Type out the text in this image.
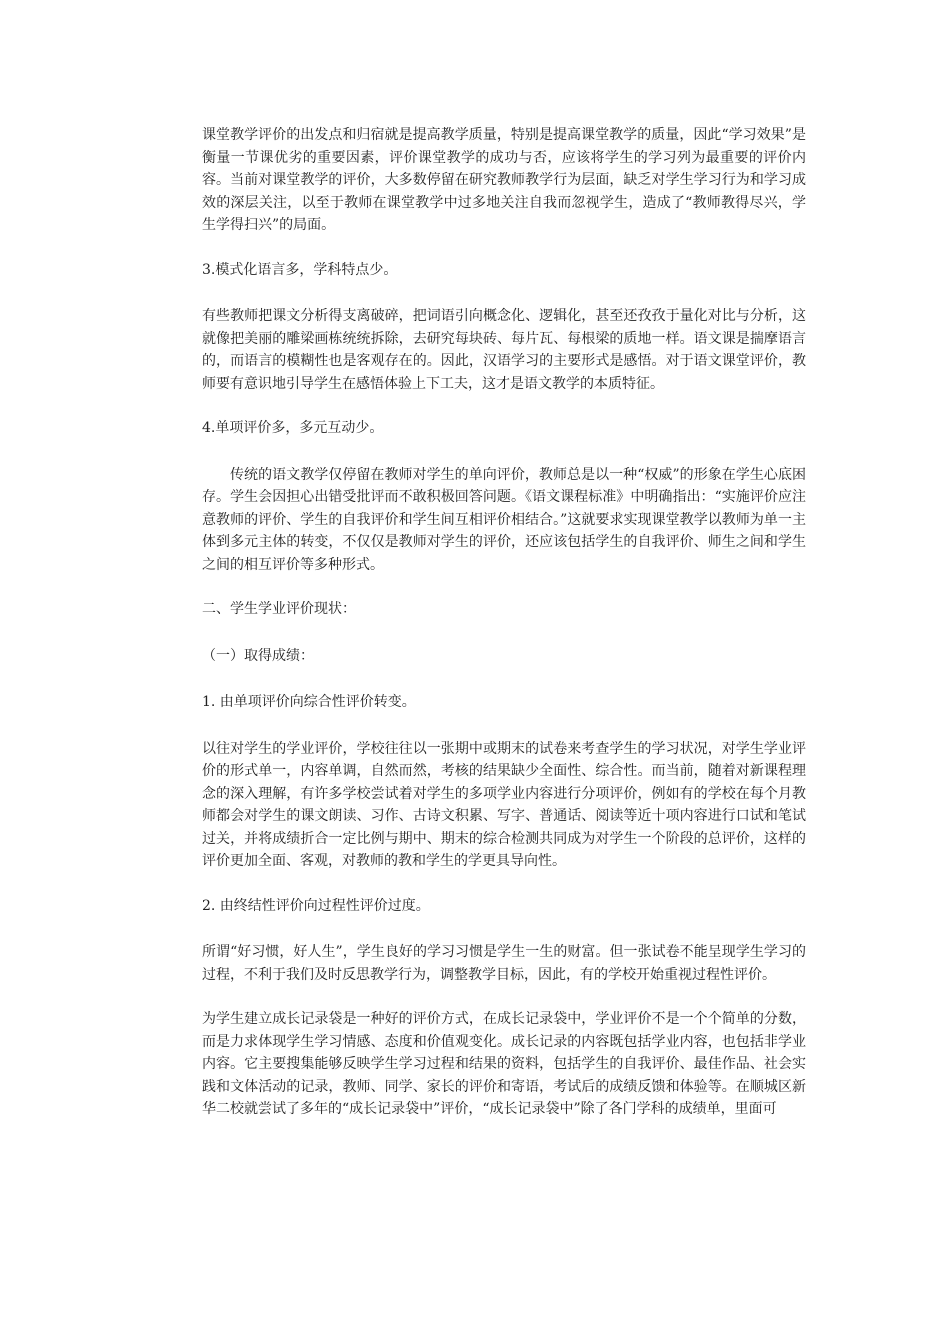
课堂教学评价的出发点和归宿就是提高教学质量，特别是提高课堂教学的质量，因此“学习效果”是衡量一节课优劣的重要因素，评价课堂教学的成功与否，应该将学生的学习列为最重要的评价内容。当前对课堂教学的评价，大多数停留在研究教师教学行为层面，缺乏对学生学习行为和学习成效的深层关注，以至于教师在课堂教学中过多地关注自我而忽视学生，造成了“教师教得尽兴，学生学得扫兴”的局面。

3.模式化语言多，学科特点少。

有些教师把课文分析得支离破碎，把词语引向概念化、逻辑化，甚至还孜孜于量化对比与分析，这就像把美丽的雕梁画栋统统拆除，去研究每块砖、每片瓦、每根梁的质地一样。语文课是揣摩语言的，而语言的模糊性也是客观存在的。因此，汉语学习的主要形式是感悟。对于语文课堂评价，教师要有意识地引导学生在感悟体验上下工夫，这才是语文教学的本质特征。

4.单项评价多，多元互动少。

传统的语文教学仅停留在教师对学生的单向评价，教师总是以一种“权威”的形象在学生心底困存。学生会因担心出错受批评而不敢积极回答问题。《语文课程标准》中明确指出：“实施评价应注意教师的评价、学生的自我评价和学生间互相评价相结合。”这就要求实现课堂教学以教师为单一主体到多元主体的转变，不仅仅是教师对学生的评价，还应该包括学生的自我评价、师生之间和学生之间的相互评价等多种形式。

二、学生学业评价现状：

（一）取得成绩：

1. 由单项评价向综合性评价转变。

以往对学生的学业评价，学校往往以一张期中或期末的试卷来考查学生的学习状况，对学生学业评价的形式单一，内容单调，自然而然，考核的结果缺少全面性、综合性。而当前，随着对新课程理念的深入理解，有许多学校尝试着对学生的多项学业内容进行分项评价，例如有的学校在每个月教师都会对学生的课文朗读、习作、古诗文积累、写字、普通话、阅读等近十项内容进行口试和笔试过关，并将成绩折合一定比例与期中、期末的综合检测共同成为对学生一个阶段的总评价，这样的评价更加全面、客观，对教师的教和学生的学更具导向性。

2. 由终结性评价向过程性评价过度。

所谓“好习惯，好人生”，学生良好的学习习惯是学生一生的财富。但一张试卷不能呈现学生学习的过程，不利于我们及时反思教学行为，调整教学目标，因此，有的学校开始重视过程性评价。

为学生建立成长记录袋是一种好的评价方式，在成长记录袋中，学业评价不是一个个简单的分数，而是力求体现学生学习情感、态度和价值观变化。成长记录的内容既包括学业内容，也包括非学业内容。它主要搜集能够反映学生学习过程和结果的资料，包括学生的自我评价、最佳作品、社会实践和文体活动的记录，教师、同学、家长的评价和寄语，考试后的成绩反馈和体验等。在顺城区新华二校就尝试了多年的“成长记录袋中”评价，“成长记录袋中”除了各门学科的成绩单，里面可
